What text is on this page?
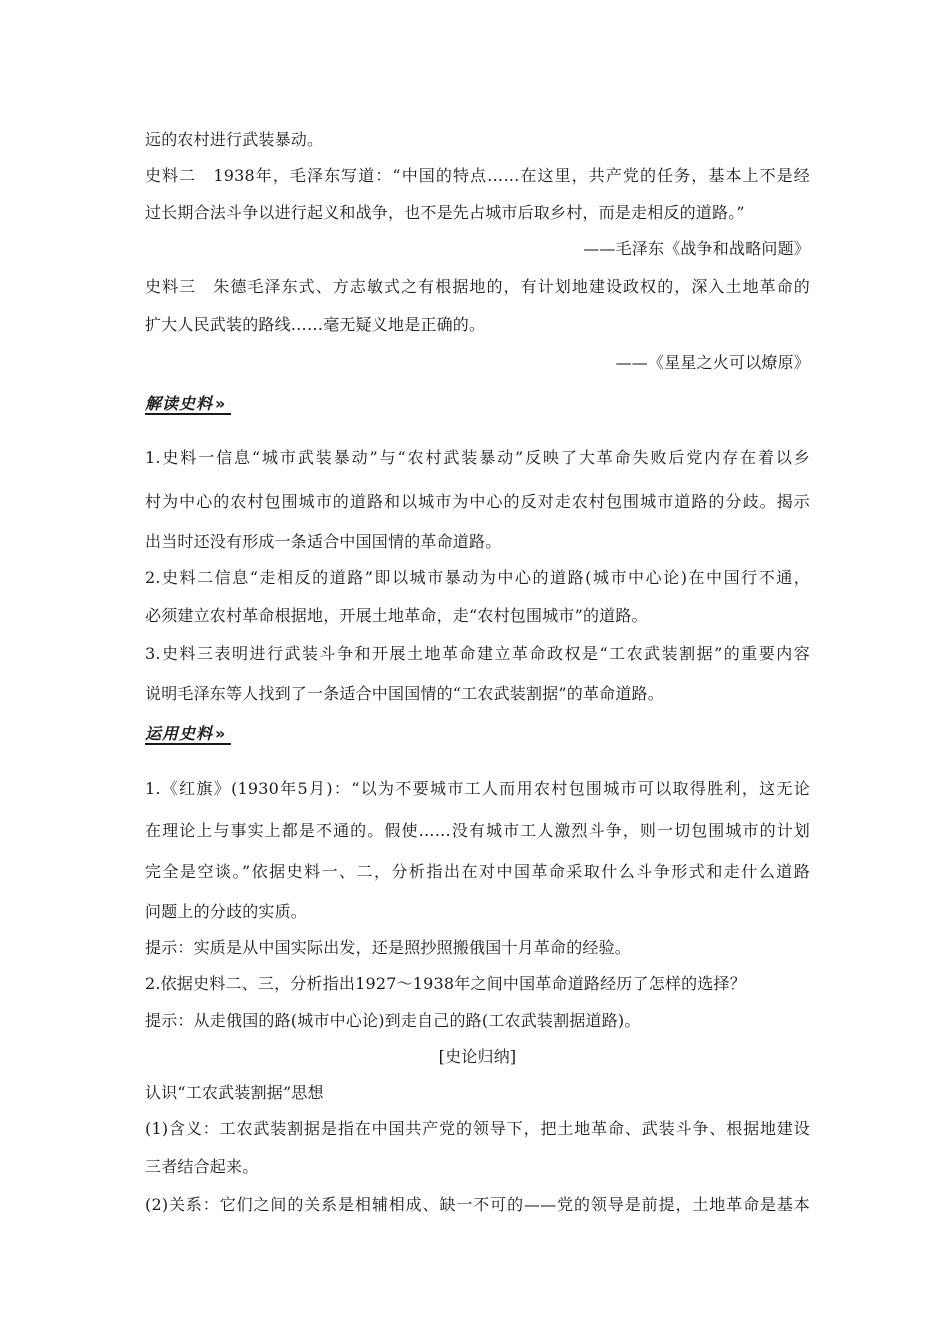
远的农村进行武装暴动。
史料二　1938年，毛泽东写道：“中国的特点……在这里，共产党的任务，基本上不是经
过长期合法斗争以进行起义和战争，也不是先占城市后取乡村，而是走相反的道路。”
——毛泽东《战争和战略问题》
史料三　朱德毛泽东式、方志敏式之有根据地的，有计划地建设政权的，深入土地革命的
扩大人民武装的路线……毫无疑义地是正确的。
——《星星之火可以燎原》
解读史料 »
1.史料一信息“城市武装暴动”与“农村武装暴动”反映了大革命失败后党内存在着以乡
村为中心的农村包围城市的道路和以城市为中心的反对走农村包围城市道路的分歧。揭示
出当时还没有形成一条适合中国国情的革命道路。
2.史料二信息“走相反的道路”即以城市暴动为中心的道路(城市中心论)在中国行不通，
必须建立农村革命根据地，开展土地革命，走“农村包围城市”的道路。
3.史料三表明进行武装斗争和开展土地革命建立革命政权是“工农武装割据”的重要内容
说明毛泽东等人找到了一条适合中国国情的“工农武装割据”的革命道路。
运用史料 »
1.《红旗》(1930年5月)：“以为不要城市工人而用农村包围城市可以取得胜利，这无论
在理论上与事实上都是不通的。假使……没有城市工人激烈斗争，则一切包围城市的计划
完全是空谈。”依据史料一、二，分析指出在对中国革命采取什么斗争形式和走什么道路
问题上的分歧的实质。
提示：实质是从中国实际出发，还是照抄照搬俄国十月革命的经验。
2.依据史料二、三，分析指出1927～1938年之间中国革命道路经历了怎样的选择？
提示：从走俄国的路(城市中心论)到走自己的路(工农武装割据道路)。
[史论归纳]
认识“工农武装割据”思想
(1)含义：工农武装割据是指在中国共产党的领导下，把土地革命、武装斗争、根据地建设
三者结合起来。
(2)关系：它们之间的关系是相辅相成、缺一不可的——党的领导是前提，土地革命是基本
